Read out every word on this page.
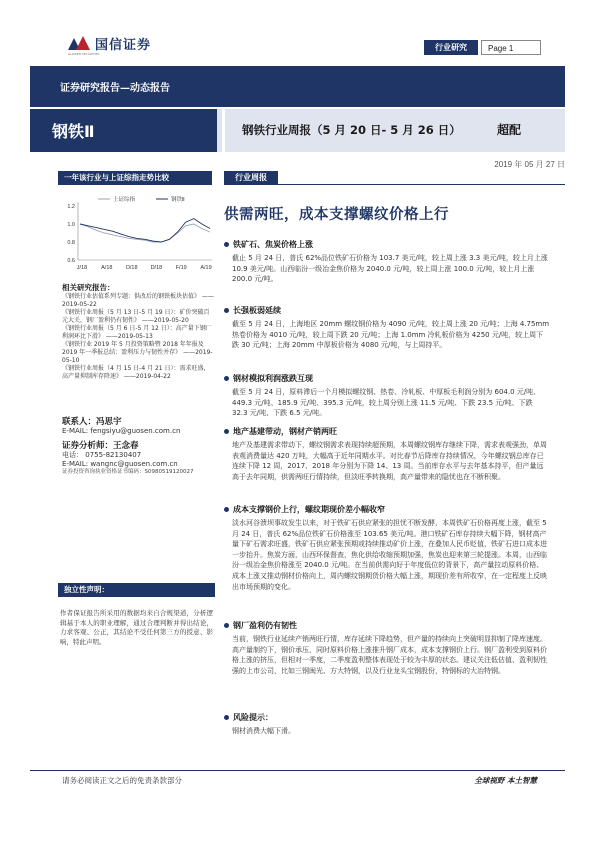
国信证券
GUOSEN SECURITIES
行业研究	Page 1
证券研究报告—动态报告
钢铁Ⅱ	钢铁行业周报（5 月 20 日- 5 月 26 日）	超配
2019 年 05 月 27 日
一年该行业与上证综指走势比较	行业周报
1.2
1.0
0.8
0.6
J/18	A/18 O/18 D/18 F/19 A/19
上证综指	钢铁Ⅱ
相关研究报告：
《钢铁行业估值系列专题：供改后的钢铁板块估值》 ——2019-05-22
《钢铁行业周报（5 月 13 日-5 月 19 日）：矿价突破百元大关，钢厂盈利仍有韧性》 ——2019-05-20
《钢铁行业周报（5 月 6 日-5 月 12 日）：高产量下钢厂利润环比下滑》 ——2019-05-13
《钢铁行业 2019 年 5 月投资策略暨 2018 年年报及 2019 年一季报总结：盈利压力与韧性并存》 ——2019-05-10
《钢铁行业周报（4 月 15 日-4 月 21 日）：需求旺盛，高产量抑制库存降速》 ——2019-04-22
联系人：冯思宇
E-MAIL: fengsiyu@guosen.com.cn
证券分析师：王念春
电话： 0755-82130407
E-MAIL: wangnc@guosen.com.cn
证券投资咨询执业资格证书编码：S0980519120027
独立性声明：
作者保证报告所采用的数据均来自合规渠道，分析逻辑基于本人的职业理解，通过合理判断并得出结论，力求客观、公正，其结论不受任何第三方的授意、影响，特此声明。
供需两旺，成本支撑螺纹价格上行
铁矿石、焦炭价格上涨
截止 5 月 24 日，普氏 62%品位铁矿石价格为 103.7 美元/吨，较上周上涨 3.3 美元/吨，较上月上涨 10.9 美元/吨。山西临汾一级冶金焦价格为 2040.0 元/吨，较上周上涨 100.0 元/吨，较上月上涨 200.0 元/吨。
长强板弱延续
截至 5 月 24 日，上海地区 20mm 螺纹钢价格为 4090 元/吨，较上周上涨 20 元/吨；上海 4.75mm 热卷价格为 4010 元/吨，较上周下跌 20 元/吨；上海 1.0mm 冷轧板价格为 4250 元/吨，较上周下跌 30 元/吨；上海 20mm 中厚板价格为 4080 元/吨，与上周持平。
钢材模拟利润涨跌互现
截至 5 月 24 日，原料滞后一个月模拟螺纹钢、热卷、冷轧板、中厚板毛利润分别为 604.0 元/吨、449.3 元/吨、185.9 元/吨、395.3 元/吨，较上周分别上涨 11.5 元/吨、下跌 23.5 元/吨、下跌 32.3 元/吨、下跌 6.5 元/吨。
地产基建带动，钢材产销两旺
地产及基建需求带动下，螺纹钢需求表现持续超预期，本周螺纹钢库存继续下降，需求表观强劲，单周表观消费量达 420 万吨，大幅高于近年同期水平。对比春节后降库存持续情况，今年螺纹钢总库存已连续下降 12 周，2017、2018 年分别为下降 14、13 周。当前库存水平与去年基本持平，但产量远高于去年同期，供需两旺行情持续，但淡旺季转换期，高产量带来的隐忧也在不断积聚。
成本支撑钢价上行，螺纹期现价差小幅收窄
淡水河谷溃坝事故发生以来，对于铁矿石供应紧张的担忧不断发酵，本周铁矿石价格再度上涨，截至 5 月 24 日，普氏 62%品位铁矿石价格涨至 103.65 美元/吨。港口铁矿石库存持续大幅下降，钢材高产量下矿石需求旺盛，铁矿石供应紧张预期或持续推动矿价上涨，在叠加人民币贬值，铁矿石进口成本进一步抬升。焦炭方面，山西环保督查，焦化供给收缩预期加强，焦炭也迎来第三轮提涨。本周，山西临汾一级冶金焦价格涨至 2040.0 元/吨。在当前供需向好于年度低位的背景下，高产量拉动原料价格、成本上涨又推动钢材价格向上，周内螺纹钢期货价格大幅上涨，期现价差有所收窄，在一定程度上反映出市场预期的变化。
钢厂盈利仍有韧性
当前，钢铁行业延续产销两旺行情，库存延续下降趋势，但产量的持续向上突破明显抑制了降库速度。高产量制约下，钢价承压，同时原料价格上涨推升钢厂成本，成本支撑钢价上行。钢厂盈利受到原料价格上涨的挤压，但相对一季度，二季度盈利整体表现处于较为丰厚的状态。建议关注低估值、盈利韧性强的上市公司，比如三钢闽光、方大特钢，以及行业龙头宝钢股份，特钢标的大冶特钢。
风险提示：
钢材消费大幅下滑。
请务必阅读正文之后的免责条款部分	全球视野 本土智慧
